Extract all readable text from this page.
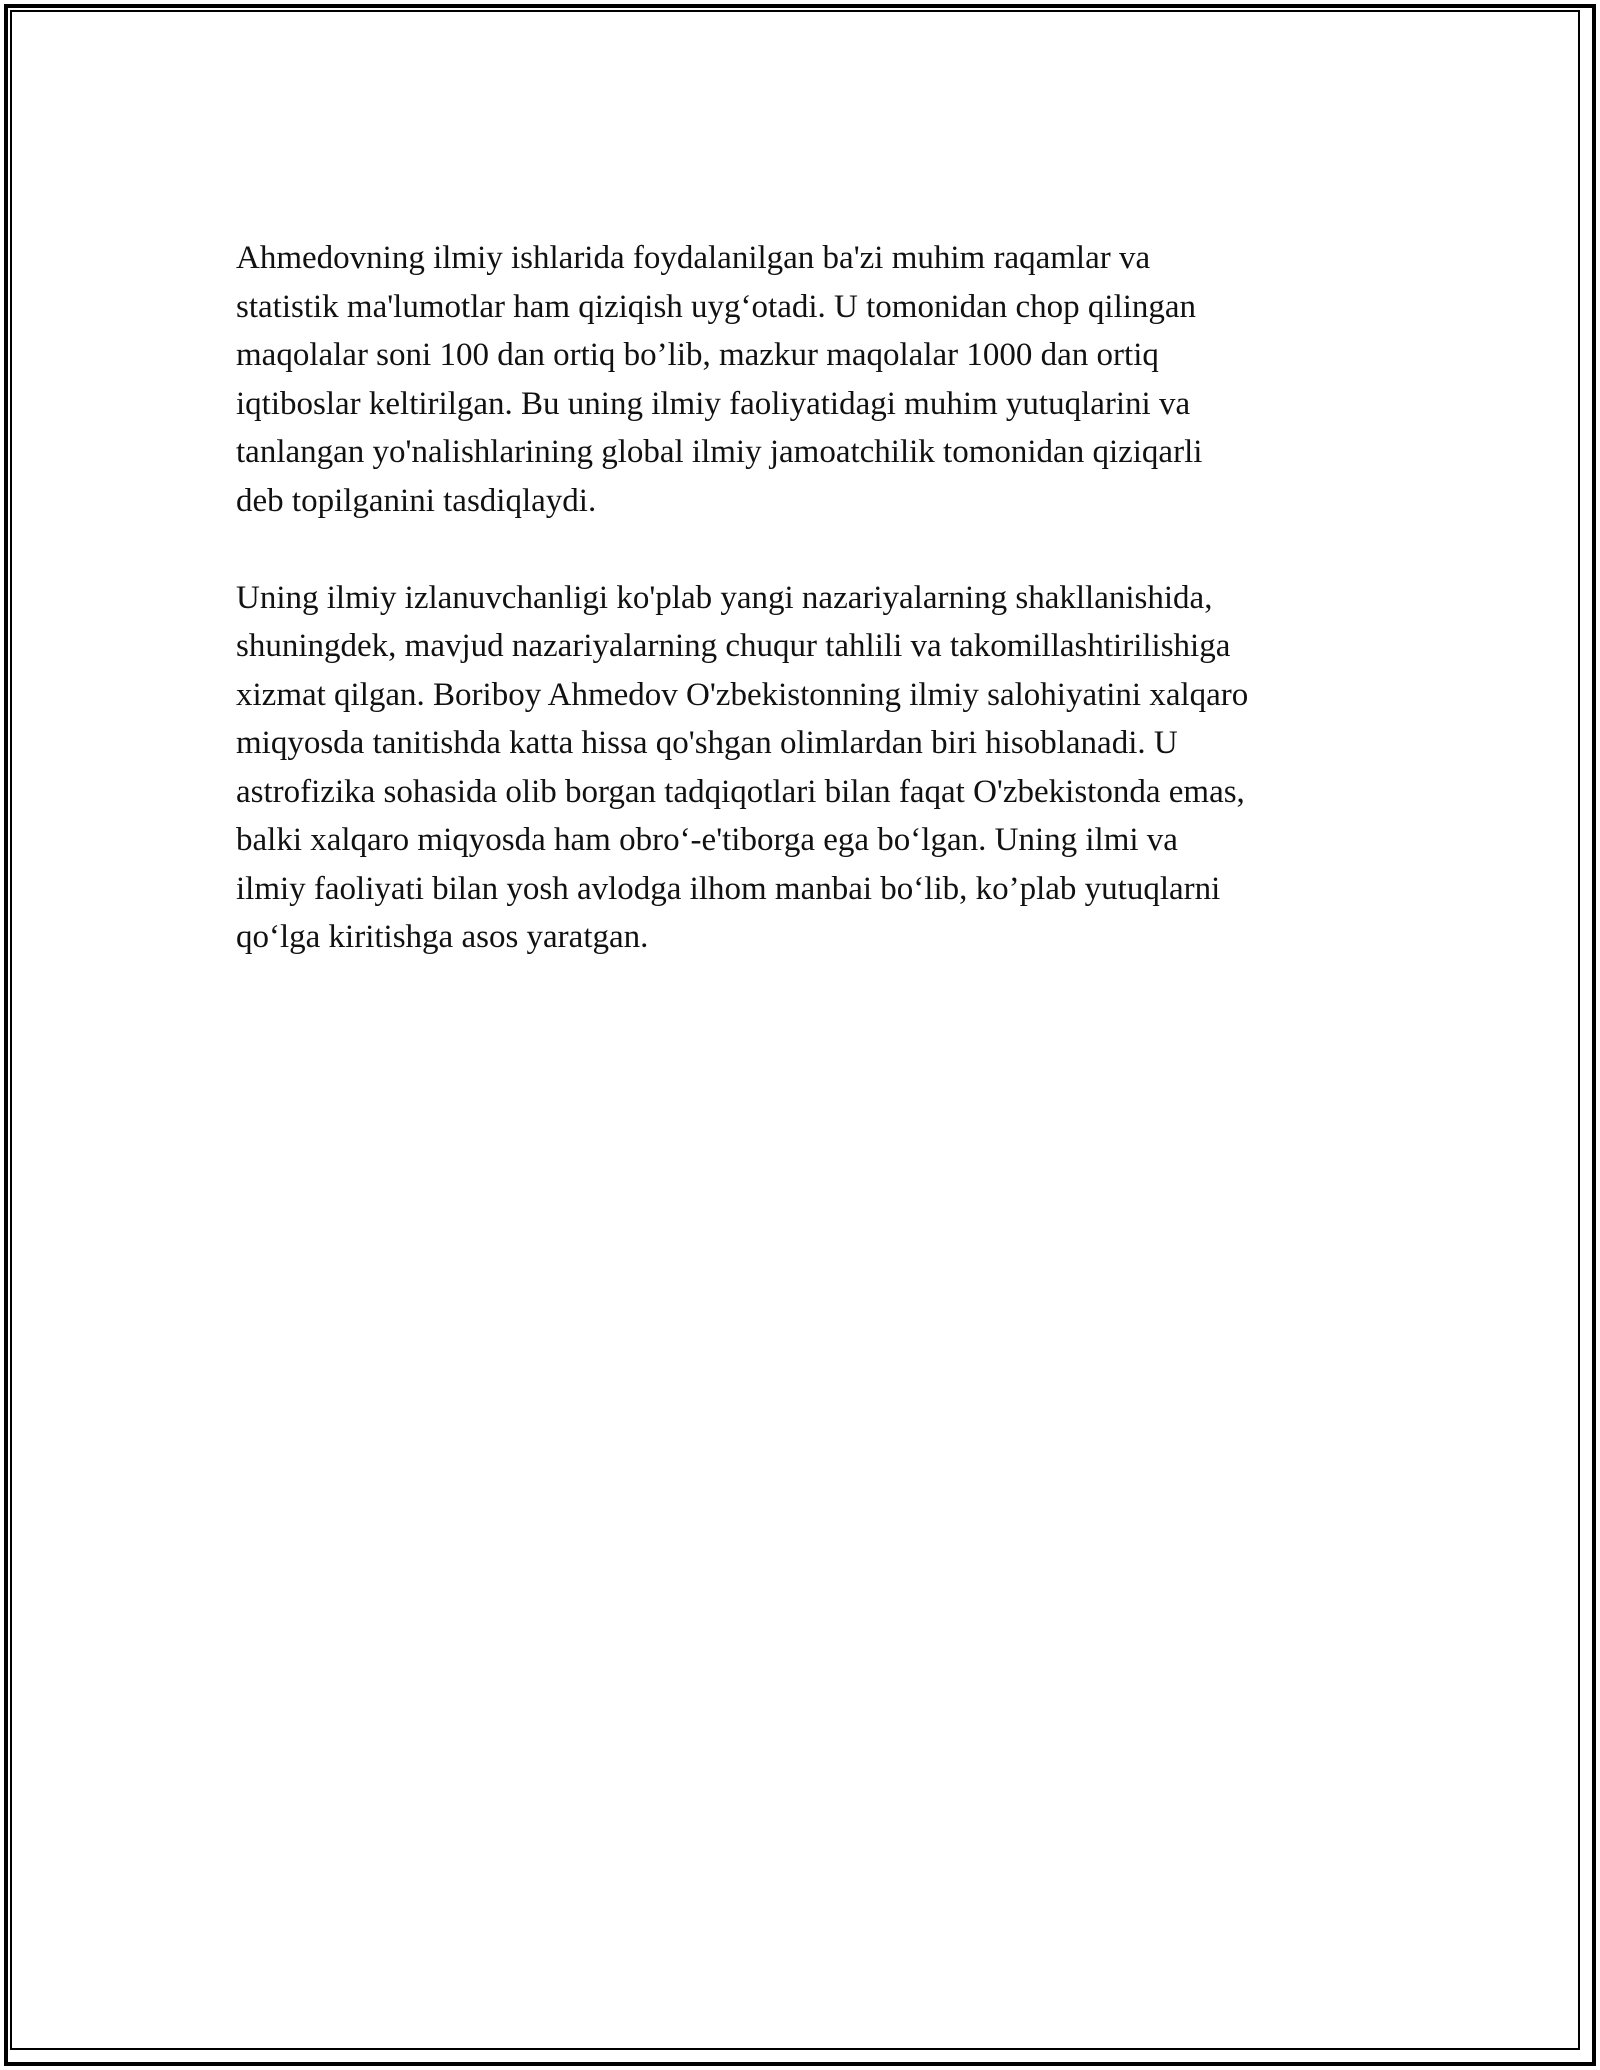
Ahmedovning ilmiy ishlarida foydalanilgan ba'zi muhim raqamlar va
statistik ma'lumotlar ham qiziqish uyg‘otadi. U tomonidan chop qilingan
maqolalar soni 100 dan ortiq bo’lib, mazkur maqolalar 1000 dan ortiq
iqtiboslar keltirilgan. Bu uning ilmiy faoliyatidagi muhim yutuqlarini va
tanlangan yo'nalishlarining global ilmiy jamoatchilik tomonidan qiziqarli
deb topilganini tasdiqlaydi.

Uning ilmiy izlanuvchanligi ko'plab yangi nazariyalarning shakllanishida,
shuningdek, mavjud nazariyalarning chuqur tahlili va takomillashtirilishiga
xizmat qilgan. Boriboy Ahmedov O'zbekistonning ilmiy salohiyatini xalqaro
miqyosda tanitishda katta hissa qo'shgan olimlardan biri hisoblanadi. U
astrofizika sohasida olib borgan tadqiqotlari bilan faqat O'zbekistonda emas,
balki xalqaro miqyosda ham obro‘-e'tiborga ega bo‘lgan. Uning ilmi va
ilmiy faoliyati bilan yosh avlodga ilhom manbai bo‘lib, ko’plab yutuqlarni
qo‘lga kiritishga asos yaratgan.
